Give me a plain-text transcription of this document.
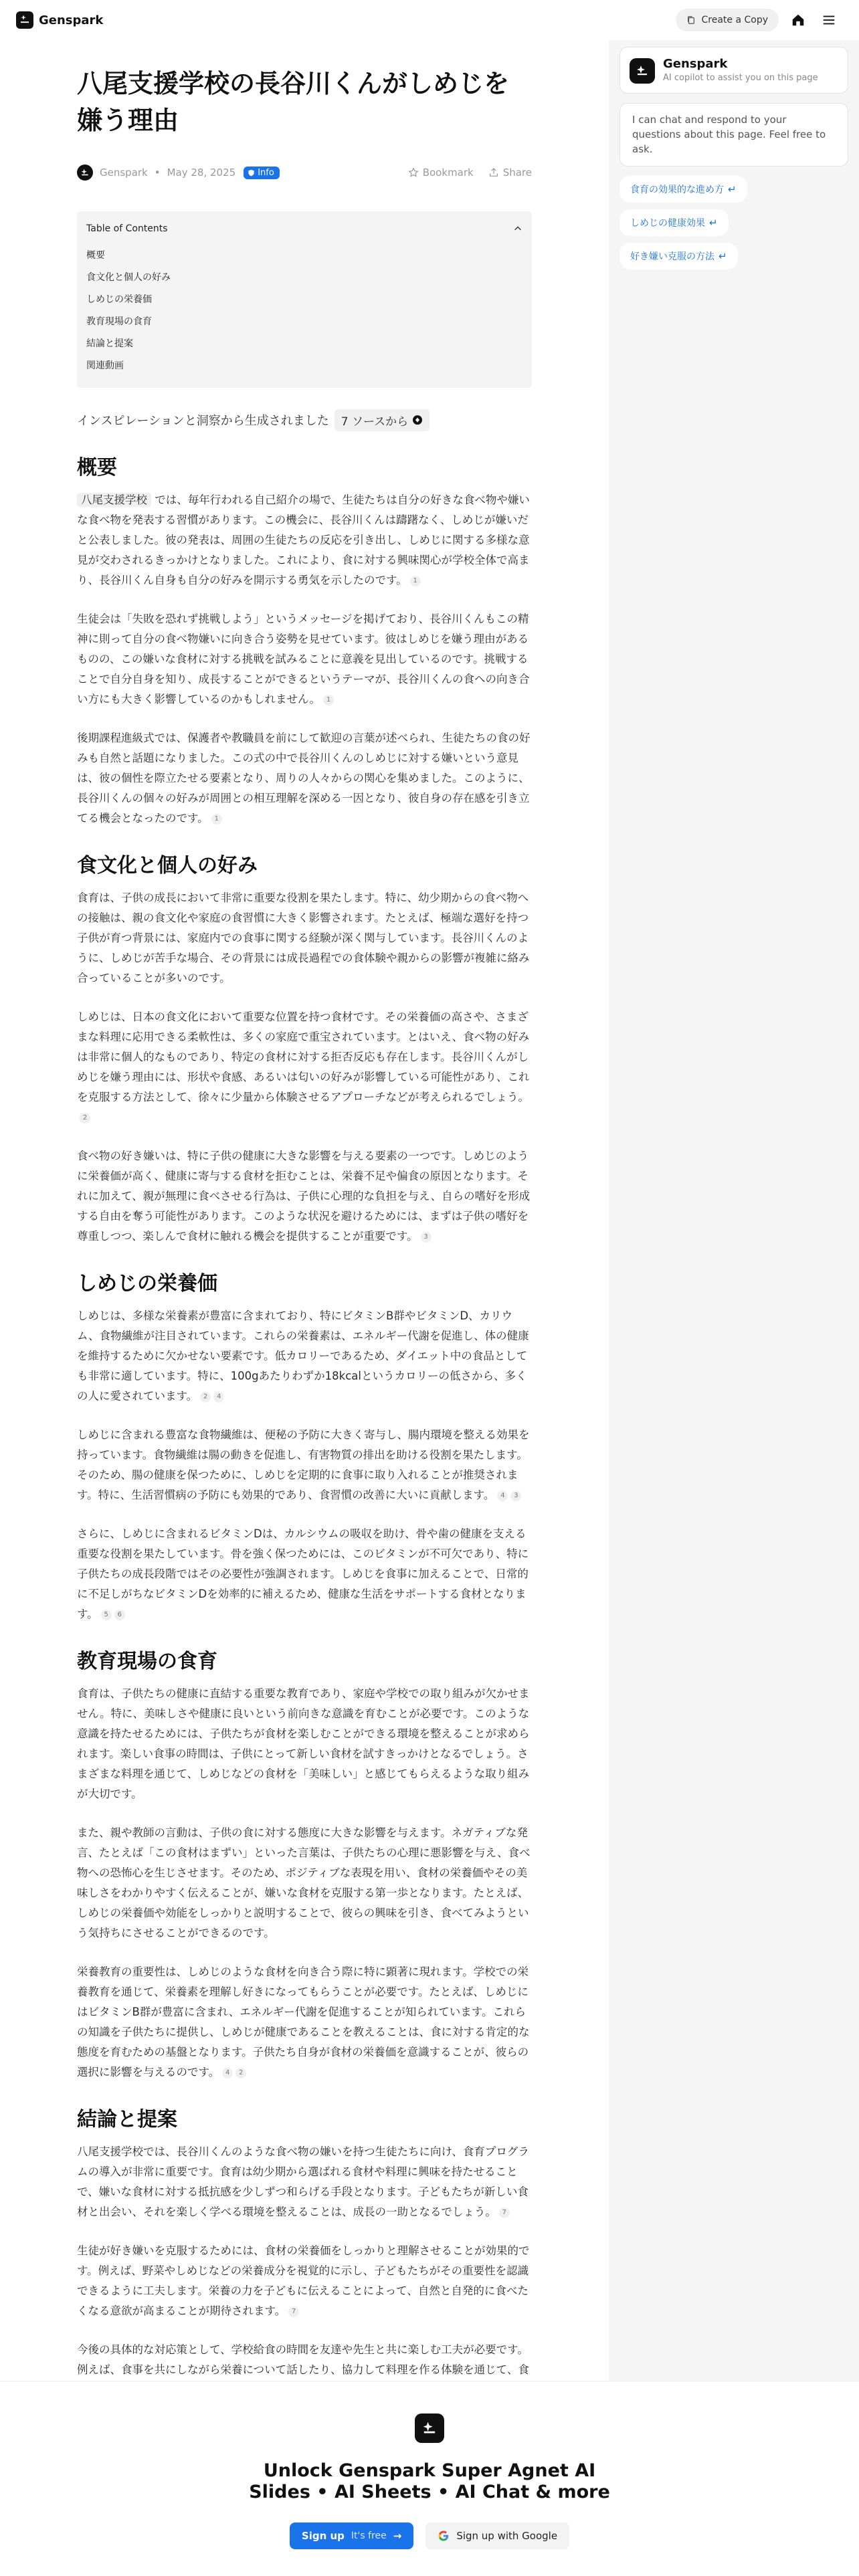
Genspark	Create a Copy
Genspark
AI copilot to assist you on this page
I can chat and respond to your questions about this page. Feel free to ask.
食育の効果的な進め方 ↵
しめじの健康効果 ↵
好き嫌い克服の方法 ↵
八尾支援学校の長谷川くんがしめじを嫌う理由
Genspark • May 28, 2025	Info	Bookmark	Share
Table of Contents
概要
食文化と個人の好み
しめじの栄養価
教育現場の食育
結論と提案
関連動画
インスピレーションと洞察から生成されました 7 ソースから
概要

八尾支援学校 では、毎年行われる自己紹介の場で、生徒たちは自分の好きな食べ物や嫌いな食べ物を発表する習慣があります。この機会に、長谷川くんは躊躇なく、しめじが嫌いだと公表しました。彼の発表は、周囲の生徒たちの反応を引き出し、しめじに関する多様な意見が交わされるきっかけとなりました。これにより、食に対する興味関心が学校全体で高まり、長谷川くん自身も自分の好みを開示する勇気を示したのです。 1

生徒会は「失敗を恐れず挑戦しよう」というメッセージを掲げており、長谷川くんもこの精神に則って自分の食べ物嫌いに向き合う姿勢を見せています。彼はしめじを嫌う理由があるものの、この嫌いな食材に対する挑戦を試みることに意義を見出しているのです。挑戦することで自分自身を知り、成長することができるというテーマが、長谷川くんの食への向き合い方にも大きく影響しているのかもしれません。 1

後期課程進級式では、保護者や教職員を前にして歓迎の言葉が述べられ、生徒たちの食の好みも自然と話題になりました。この式の中で長谷川くんのしめじに対する嫌いという意見は、彼の個性を際立たせる要素となり、周りの人々からの関心を集めました。このように、長谷川くんの個々の好みが周囲との相互理解を深める一因となり、彼自身の存在感を引き立てる機会となったのです。 1

食文化と個人の好み

食育は、子供の成長において非常に重要な役割を果たします。特に、幼少期からの食べ物への接触は、親の食文化や家庭の食習慣に大きく影響されます。たとえば、極端な選好を持つ子供が育つ背景には、家庭内での食事に関する経験が深く関与しています。長谷川くんのように、しめじが苦手な場合、その背景には成長過程での食体験や親からの影響が複雑に絡み合っていることが多いのです。

しめじは、日本の食文化において重要な位置を持つ食材です。その栄養価の高さや、さまざまな料理に応用できる柔軟性は、多くの家庭で重宝されています。とはいえ、食べ物の好みは非常に個人的なものであり、特定の食材に対する拒否反応も存在します。長谷川くんがしめじを嫌う理由には、形状や食感、あるいは匂いの好みが影響している可能性があり、これを克服する方法として、徐々に少量から体験させるアプローチなどが考えられるでしょう。2

食べ物の好き嫌いは、特に子供の健康に大きな影響を与える要素の一つです。しめじのように栄養価が高く、健康に寄与する食材を拒むことは、栄養不足や偏食の原因となります。それに加えて、親が無理に食べさせる行為は、子供に心理的な負担を与え、自らの嗜好を形成する自由を奪う可能性があります。このような状況を避けるためには、まずは子供の嗜好を尊重しつつ、楽しんで食材に触れる機会を提供することが重要です。 3

しめじの栄養価

しめじは、多様な栄養素が豊富に含まれており、特にビタミンB群やビタミンD、カリウム、食物繊維が注目されています。これらの栄養素は、エネルギー代謝を促進し、体の健康を維持するために欠かせない要素です。低カロリーであるため、ダイエット中の食品としても非常に適しています。特に、100gあたりわずか18kcalというカロリーの低さから、多くの人に愛されています。 2 4

しめじに含まれる豊富な食物繊維は、便秘の予防に大きく寄与し、腸内環境を整える効果を持っています。食物繊維は腸の動きを促進し、有害物質の排出を助ける役割を果たします。そのため、腸の健康を保つために、しめじを定期的に食事に取り入れることが推奨されます。特に、生活習慣病の予防にも効果的であり、食習慣の改善に大いに貢献します。 4 3

さらに、しめじに含まれるビタミンDは、カルシウムの吸収を助け、骨や歯の健康を支える重要な役割を果たしています。骨を強く保つためには、このビタミンが不可欠であり、特に子供たちの成長段階ではその必要性が強調されます。しめじを食事に加えることで、日常的に不足しがちなビタミンDを効率的に補えるため、健康な生活をサポートする食材となります。 5 6

教育現場の食育

食育は、子供たちの健康に直結する重要な教育であり、家庭や学校での取り組みが欠かせません。特に、美味しさや健康に良いという前向きな意識を育むことが必要です。このような意識を持たせるためには、子供たちが食材を楽しむことができる環境を整えることが求められます。楽しい食事の時間は、子供にとって新しい食材を試すきっかけとなるでしょう。さまざまな料理を通じて、しめじなどの食材を「美味しい」と感じてもらえるような取り組みが大切です。

また、親や教師の言動は、子供の食に対する態度に大きな影響を与えます。ネガティブな発言、たとえば「この食材はまずい」といった言葉は、子供たちの心理に悪影響を与え、食べ物への恐怖心を生じさせます。そのため、ポジティブな表現を用い、食材の栄養価やその美味しさをわかりやすく伝えることが、嫌いな食材を克服する第一歩となります。たとえば、しめじの栄養価や効能をしっかりと説明することで、彼らの興味を引き、食べてみようという気持ちにさせることができるのです。

栄養教育の重要性は、しめじのような食材を向き合う際に特に顕著に現れます。学校での栄養教育を通じて、栄養素を理解し好きになってもらうことが必要です。たとえば、しめじにはビタミンB群が豊富に含まれ、エネルギー代謝を促進することが知られています。これらの知識を子供たちに提供し、しめじが健康であることを教えることは、食に対する肯定的な態度を育むための基盤となります。子供たち自身が食材の栄養価を意識することが、彼らの選択に影響を与えるのです。 4 2

結論と提案

八尾支援学校では、長谷川くんのような食べ物の嫌いを持つ生徒たちに向け、食育プログラムの導入が非常に重要です。食育は幼少期から選ばれる食材や料理に興味を持たせることで、嫌いな食材に対する抵抗感を少しずつ和らげる手段となります。子どもたちが新しい食材と出会い、それを楽しく学べる環境を整えることは、成長の一助となるでしょう。 7

生徒が好き嫌いを克服するためには、食材の栄養価をしっかりと理解させることが効果的です。例えば、野菜やしめじなどの栄養成分を視覚的に示し、子どもたちがその重要性を認識できるように工夫します。栄養の力を子どもに伝えることによって、自然と自発的に食べたくなる意欲が高まることが期待されます。 7

今後の具体的な対応策として、学校給食の時間を友達や先生と共に楽しむ工夫が必要です。例えば、食事を共にしながら栄養について話したり、協力して料理を作る体験を通じて、食

Unlock Genspark Super Agnet AI Slides • AI Sheets • AI Chat & more
Sign up It's free →	Sign up with Google
